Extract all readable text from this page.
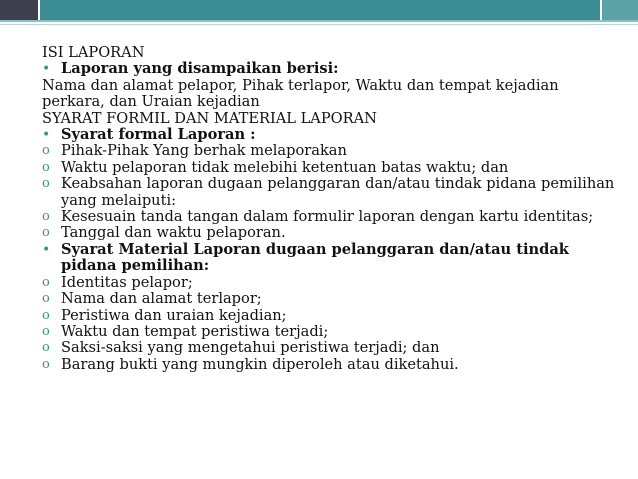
ISI LAPORAN
• Laporan yang disampaikan berisi:
Nama dan alamat pelapor, Pihak terlapor, Waktu dan tempat kejadian perkara, dan Uraian kejadian
SYARAT FORMIL DAN MATERIAL LAPORAN
• Syarat formal Laporan :
o Pihak-Pihak Yang berhak melaporakan
o Waktu pelaporan tidak melebihi ketentuan batas waktu; dan
o Keabsahan laporan dugaan pelanggaran dan/atau tindak pidana pemilihan yang melaiputi:
o Kesesuain tanda tangan dalam formulir laporan dengan kartu identitas;
o Tanggal dan waktu pelaporan.
• Syarat Material Laporan dugaan pelanggaran dan/atau tindak pidana pemilihan:
o Identitas pelapor;
o Nama dan alamat terlapor;
o Peristiwa dan uraian kejadian;
o Waktu dan tempat peristiwa terjadi;
o Saksi-saksi yang mengetahui peristiwa terjadi; dan
o Barang bukti yang mungkin diperoleh atau diketahui.
